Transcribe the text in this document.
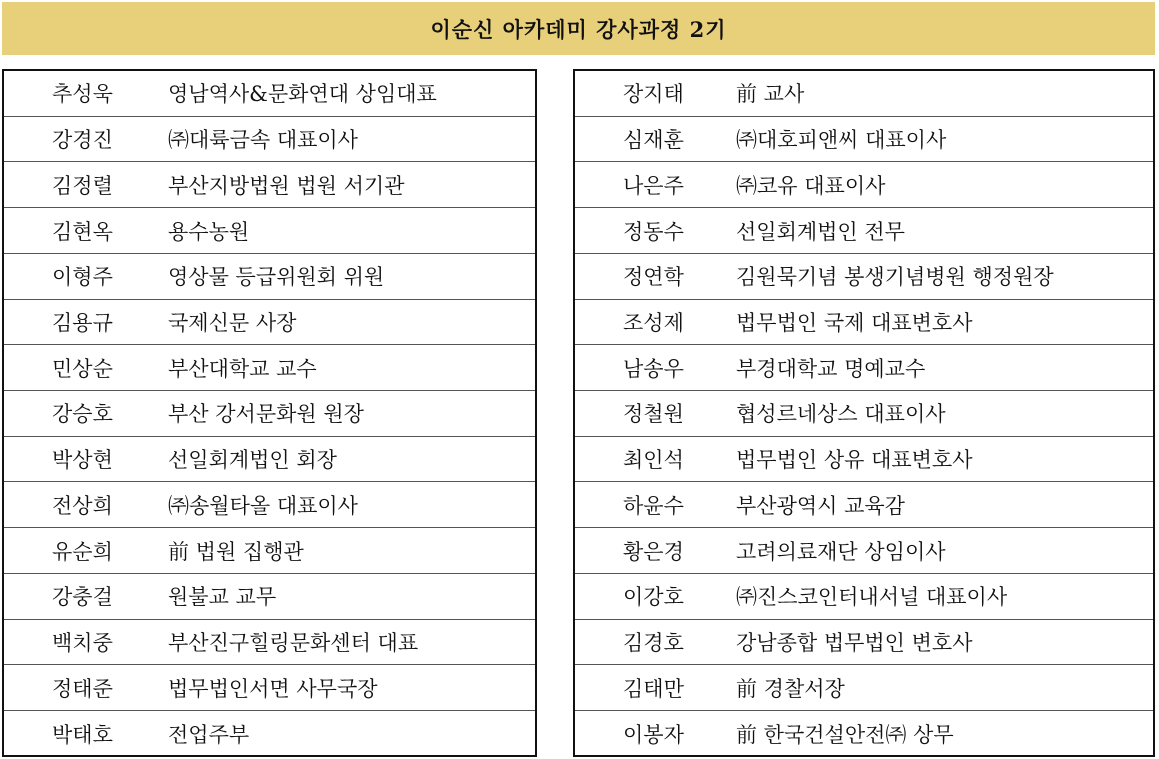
이순신 아카데미 강사과정 2기
추성욱	영남역사&문화연대 상임대표
강경진	㈜대륙금속 대표이사
김정렬	부산지방법원 법원 서기관
김현옥	용수농원
이형주	영상물 등급위원회 위원
김용규	국제신문 사장
민상순	부산대학교 교수
강승호	부산 강서문화원 원장
박상현	선일회계법인 회장
전상희	㈜송월타올 대표이사
유순희	前 법원 집행관
강충걸	원불교 교무
백치중	부산진구힐링문화센터 대표
정태준	법무법인서면 사무국장
박태호	전업주부
장지태	前 교사
심재훈	㈜대호피앤씨 대표이사
나은주	㈜코유 대표이사
정동수	선일회계법인 전무
정연학	김원묵기념 봉생기념병원 행정원장
조성제	법무법인 국제 대표변호사
남송우	부경대학교 명예교수
정철원	협성르네상스 대표이사
최인석	법무법인 상유 대표변호사
하윤수	부산광역시 교육감
황은경	고려의료재단 상임이사
이강호	㈜진스코인터내서널 대표이사
김경호	강남종합 법무법인 변호사
김태만	前 경찰서장
이봉자	前 한국건설안전㈜ 상무
